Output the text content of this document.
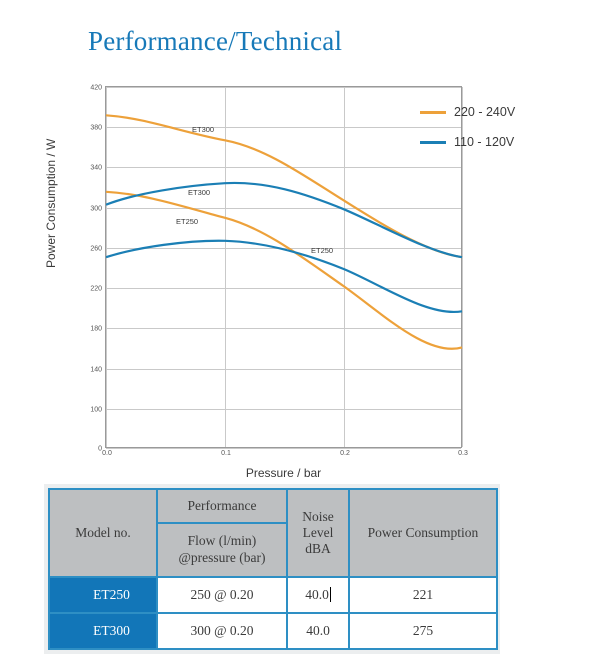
Performance/Technical
Power Consumption / W
420
380
340
300
260
220
180
140
100
0
0.0	0.1	0.2	0.3
ET300
ET300
ET250
ET250
Pressure / bar
220 - 240V
110 - 120V
Model no.	Performance	Noise
Level
dBA	Power Consumption

	Flow (l/min)
@pressure (bar)		

ET250	250 @ 0.20	40.0	221
ET300	300 @ 0.20	40.0	275
